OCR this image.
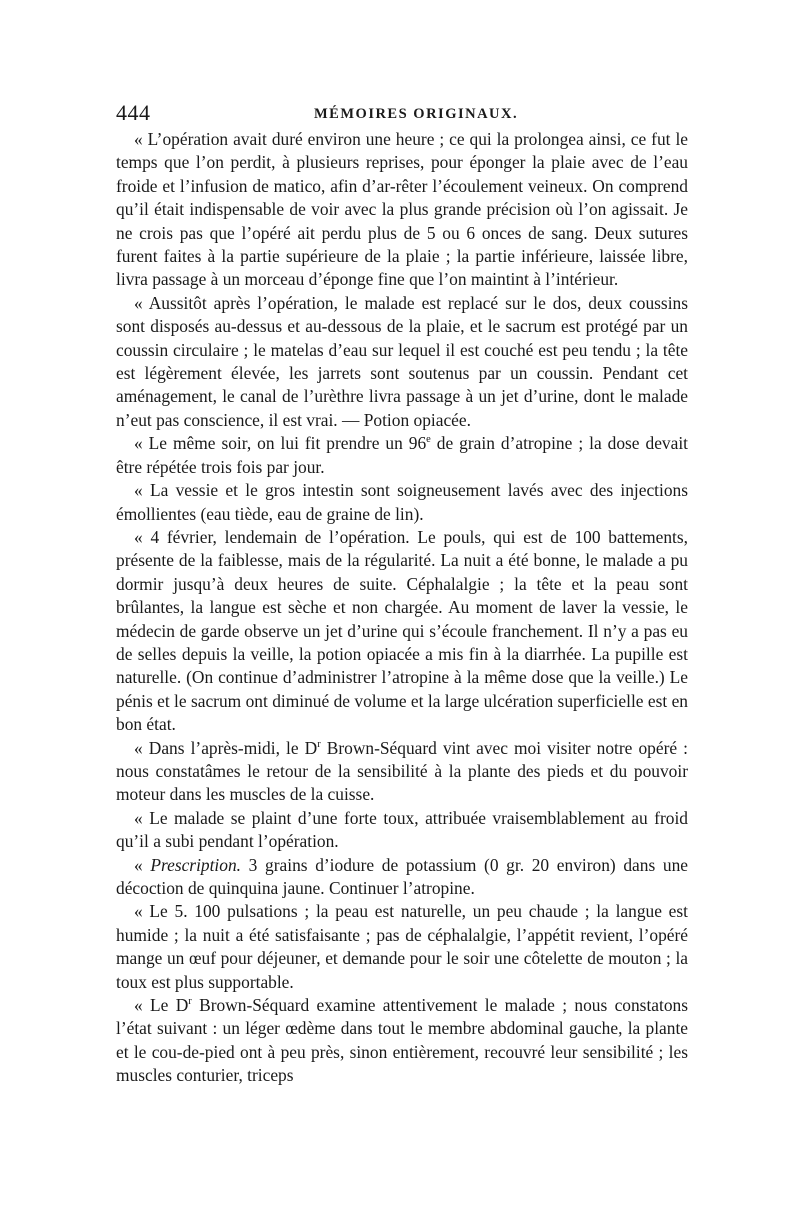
444	MÉMOIRES ORIGINAUX.

« L’opération avait duré environ une heure ; ce qui la prolongea ainsi, ce fut le temps que l’on perdit, à plusieurs reprises, pour éponger la plaie avec de l’eau froide et l’infusion de matico, afin d’ar-rêter l’écoulement veineux. On comprend qu’il était indispensable de voir avec la plus grande précision où l’on agissait. Je ne crois pas que l’opéré ait perdu plus de 5 ou 6 onces de sang. Deux sutures furent faites à la partie supérieure de la plaie ; la partie inférieure, laissée libre, livra passage à un morceau d’éponge fine que l’on maintint à l’intérieur.

« Aussitôt après l’opération, le malade est replacé sur le dos, deux coussins sont disposés au-dessus et au-dessous de la plaie, et le sacrum est protégé par un coussin circulaire ; le matelas d’eau sur lequel il est couché est peu tendu ; la tête est légèrement élevée, les jarrets sont soutenus par un coussin. Pendant cet aménagement, le canal de l’urèthre livra passage à un jet d’urine, dont le malade n’eut pas conscience, il est vrai. — Potion opiacée.

« Le même soir, on lui fit prendre un 96e de grain d’atropine ; la dose devait être répétée trois fois par jour.

« La vessie et le gros intestin sont soigneusement lavés avec des injections émollientes (eau tiède, eau de graine de lin).

« 4 février, lendemain de l’opération. Le pouls, qui est de 100 battements, présente de la faiblesse, mais de la régularité. La nuit a été bonne, le malade a pu dormir jusqu’à deux heures de suite. Céphalalgie ; la tête et la peau sont brûlantes, la langue est sèche et non chargée. Au moment de laver la vessie, le médecin de garde observe un jet d’urine qui s’écoule franchement. Il n’y a pas eu de selles depuis la veille, la potion opiacée a mis fin à la diarrhée. La pupille est naturelle. (On continue d’administrer l’atropine à la même dose que la veille.) Le pénis et le sacrum ont diminué de volume et la large ulcération superficielle est en bon état.

« Dans l’après-midi, le $D^r$ Brown-Séquard vint avec moi visiter notre opéré : nous constatâmes le retour de la sensibilité à la plante des pieds et du pouvoir moteur dans les muscles de la cuisse.

« Le malade se plaint d’une forte toux, attribuée vraisemblablement au froid qu’il a subi pendant l’opération.

« Prescription. 3 grains d’iodure de potassium (0 gr. 20 environ) dans une décoction de quinquina jaune. Continuer l’atropine.

« Le 5. 100 pulsations ; la peau est naturelle, un peu chaude ; la langue est humide ; la nuit a été satisfaisante ; pas de céphalalgie, l’appétit revient, l’opéré mange un œuf pour déjeuner, et demande pour le soir une côtelette de mouton ; la toux est plus supportable.

« Le $D^r$ Brown-Séquard examine attentivement le malade ; nous constatons l’état suivant : un léger œdème dans tout le membre abdominal gauche, la plante et le cou-de-pied ont à peu près, sinon entièrement, recouvré leur sensibilité ; les muscles conturier, triceps
